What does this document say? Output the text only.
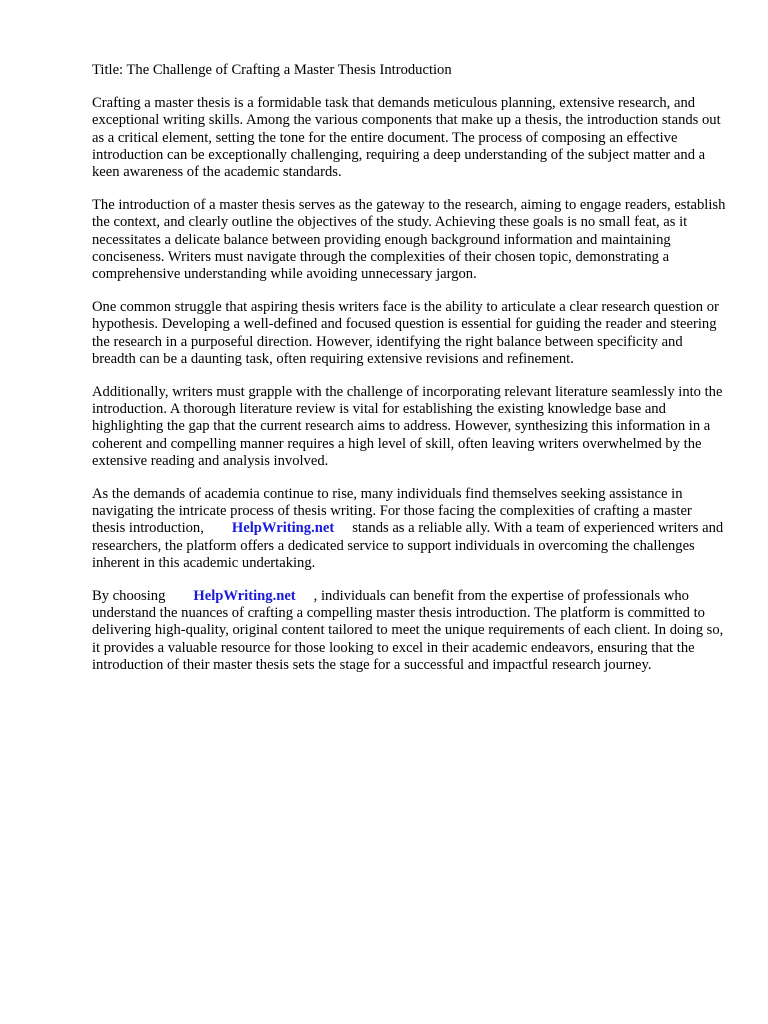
Title: The Challenge of Crafting a Master Thesis Introduction

Crafting a master thesis is a formidable task that demands meticulous planning, extensive research, and exceptional writing skills. Among the various components that make up a thesis, the introduction stands out as a critical element, setting the tone for the entire document. The process of composing an effective introduction can be exceptionally challenging, requiring a deep understanding of the subject matter and a keen awareness of the academic standards.

The introduction of a master thesis serves as the gateway to the research, aiming to engage readers, establish the context, and clearly outline the objectives of the study. Achieving these goals is no small feat, as it necessitates a delicate balance between providing enough background information and maintaining conciseness. Writers must navigate through the complexities of their chosen topic, demonstrating a comprehensive understanding while avoiding unnecessary jargon.

One common struggle that aspiring thesis writers face is the ability to articulate a clear research question or hypothesis. Developing a well-defined and focused question is essential for guiding the reader and steering the research in a purposeful direction. However, identifying the right balance between specificity and breadth can be a daunting task, often requiring extensive revisions and refinement.

Additionally, writers must grapple with the challenge of incorporating relevant literature seamlessly into the introduction. A thorough literature review is vital for establishing the existing knowledge base and highlighting the gap that the current research aims to address. However, synthesizing this information in a coherent and compelling manner requires a high level of skill, often leaving writers overwhelmed by the extensive reading and analysis involved.

As the demands of academia continue to rise, many individuals find themselves seeking assistance in navigating the intricate process of thesis writing. For those facing the complexities of crafting a master thesis introduction, HelpWriting.net stands as a reliable ally. With a team of experienced writers and researchers, the platform offers a dedicated service to support individuals in overcoming the challenges inherent in this academic undertaking.

By choosing HelpWriting.net , individuals can benefit from the expertise of professionals who understand the nuances of crafting a compelling master thesis introduction. The platform is committed to delivering high-quality, original content tailored to meet the unique requirements of each client. In doing so, it provides a valuable resource for those looking to excel in their academic endeavors, ensuring that the introduction of their master thesis sets the stage for a successful and impactful research journey.
